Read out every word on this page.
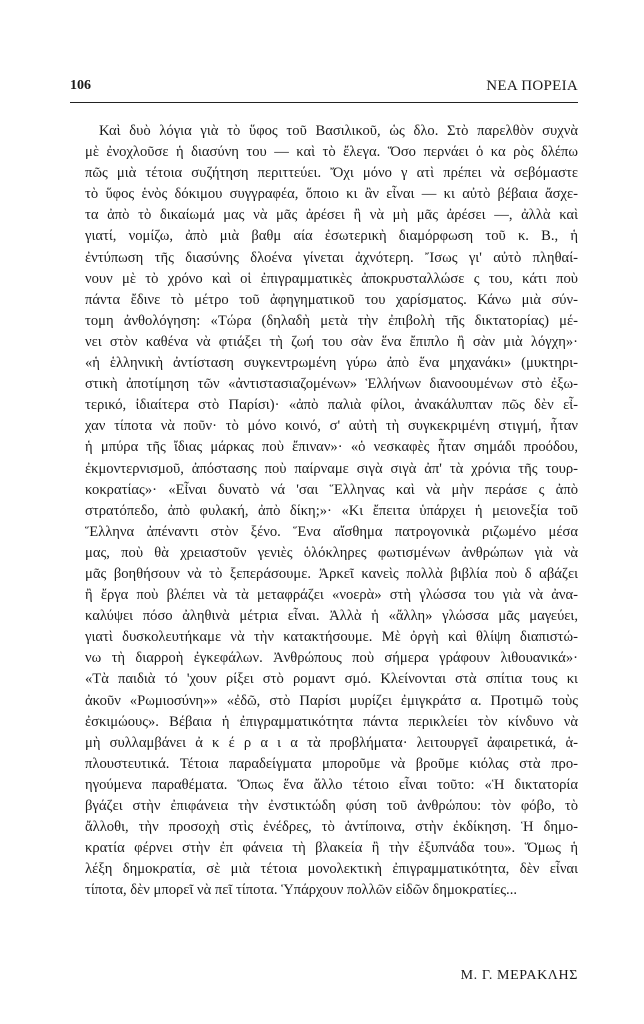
106	ΝΕΑ ΠΟΡΕΙΑ
Καὶ δυὸ λόγια γιὰ τὸ ὕφος τοῦ Βασιλικοῦ, ὡς δλο. Στὸ παρελθὸν συχνὰ
μὲ ἐνοχλοῦσε ἡ διασύνη του — καὶ τὸ ἔλεγα. Ὅσο περνάει ὁ κα ρὸς δλέπω
πῶς μιὰ τέτοια συζήτηση περιττεύει. Ὄχι μόνο γ ατὶ πρέπει νὰ σεβόμαστε
τὸ ὕφος ἑνὸς δόκιμου συγγραφέα, ὅποιο κι ἂν εἶναι — κι αὐτὸ βέβαια ἄσχε-
τα ἀπὸ τὸ δικαίωμά μας νὰ μᾶς ἀρέσει ἢ νὰ μὴ μᾶς ἀρέσει —, ἀλλὰ καὶ
γιατί, νομίζω, ἀπὸ μιὰ βαθμ αία ἐσωτερικὴ διαμόρφωση τοῦ κ. Β., ἡ
ἐντύπωση τῆς διασύνης δλοένα γίνεται ἀχνότερη. Ἴσως γι' αὐτὸ πληθαί-
νουν μὲ τὸ χρόνο καὶ οἱ ἐπιγραμματικὲς ἀποκρυσταλλώσε ς του, κάτι ποὺ
πάντα ἔδινε τὸ μέτρο τοῦ ἀφηγηματικοῦ του χαρίσματος. Κάνω μιὰ σύν-
τομη ἀνθολόγηση: «Τώρα (δηλαδὴ μετὰ τὴν ἐπιβολὴ τῆς δικτατορίας) μέ-
νει στὸν καθένα νὰ φτιάξει τὴ ζωή του σὰν ἕνα ἔπιπλο ἢ σὰν μιὰ λόγχη»·
«ἡ ἑλληνικὴ ἀντίσταση συγκεντρωμένη γύρω ἀπὸ ἕνα μηχανάκι» (μυκτηρι-
στικὴ ἀποτίμηση τῶν «ἀντιστασιαζομένων» Ἑλλήνων διανοουμένων στὸ ἐξω-
τερικό, ἰδιαίτερα στὸ Παρίσι)· «ἀπὸ παλιὰ φίλοι, ἀνακάλυπταν πῶς δὲν εἶ-
χαν τίποτα νὰ ποῦν· τὸ μόνο κοινό, σ' αὐτὴ τὴ συγκεκριμένη στιγμή, ἦταν
ἡ μπύρα τῆς ἴδιας μάρκας ποὺ ἔπιναν»· «ὁ νεσκαφὲς ἦταν σημάδι προόδου,
ἐκμοντερνισμοῦ, ἀπόστασης ποὺ παίρναμε σιγὰ σιγὰ ἀπ' τὰ χρόνια τῆς τουρ-
κοκρατίας»· «Εἶναι δυνατὸ νά 'σαι Ἕλληνας καὶ νὰ μὴν περάσε ς ἀπὸ
στρατόπεδο, ἀπὸ φυλακή, ἀπὸ δίκη;»· «Κι ἔπειτα ὑπάρχει ἡ μειονεξία τοῦ
Ἕλληνα ἀπέναντι στὸν ξένο. Ἕνα αἴσθημα πατρογονικὰ ριζωμένο μέσα
μας, ποὺ θὰ χρειαστοῦν γενιὲς ὁλόκληρες φωτισμένων ἀνθρώπων γιὰ νὰ
μᾶς βοηθήσουν νὰ τὸ ξεπεράσουμε. Ἀρκεῖ κανεὶς πολλὰ βιβλία ποὺ δ αβάζει
ἢ ἔργα ποὺ βλέπει νὰ τὰ μεταφράζει «νοερὰ» στὴ γλώσσα του γιὰ νὰ ἀνα-
καλύψει πόσο ἀληθινὰ μέτρια εἶναι. Ἀλλὰ ἡ «ἄλλη» γλώσσα μᾶς μαγεύει,
γιατὶ δυσκολευτήκαμε νὰ τὴν κατακτήσουμε. Μὲ ὀργὴ καὶ θλίψη διαπιστώ-
νω τὴ διαρροὴ ἐγκεφάλων. Ἀνθρώπους ποὺ σήμερα γράφουν λιθουανικά»·
«Τὰ παιδιὰ τό 'χουν ρίξει στὸ ρομαντ σμό. Κλείνονται στὰ σπίτια τους κι
ἀκοῦν «Ρωμιοσύνη»» «ἐδῶ, στὸ Παρίσι μυρίζει ἐμιγκράτσ α. Προτιμῶ τοὺς
ἐσκιμώους». Βέβαια ἡ ἐπιγραμματικότητα πάντα περικλείει τὸν κίνδυνο νὰ
μὴ συλλαμβάνει ἀ κ έ ρ α ι α τὰ προβλήματα· λειτουργεῖ ἀφαιρετικά, ἁ-
πλουστευτικά. Τέτοια παραδείγματα μποροῦμε νὰ βροῦμε κιόλας στὰ προ-
ηγούμενα παραθέματα. Ὅπως ἕνα ἄλλο τέτοιο εἶναι τοῦτο: «Ἡ δικτατορία
βγάζει στὴν ἐπιφάνεια τὴν ἐνστικτώδη φύση τοῦ ἀνθρώπου: τὸν φόβο, τὸ
ἄλλοθι, τὴν προσοχὴ στὶς ἐνέδρες, τὸ ἀντίποινα, στὴν ἐκδίκηση. Ἡ δημο-
κρατία φέρνει στὴν ἐπ φάνεια τὴ βλακεία ἢ τὴν ἐξυπνάδα του». Ὅμως ἡ
λέξη δημοκρατία, σὲ μιὰ τέτοια μονολεκτικὴ ἐπιγραμματικότητα, δὲν εἶναι
τίποτα, δὲν μπορεῖ νὰ πεῖ τίποτα. Ὑπάρχουν πολλῶν εἰδῶν δημοκρατίες...
Μ. Γ. ΜΕΡΑΚΛΗΣ
